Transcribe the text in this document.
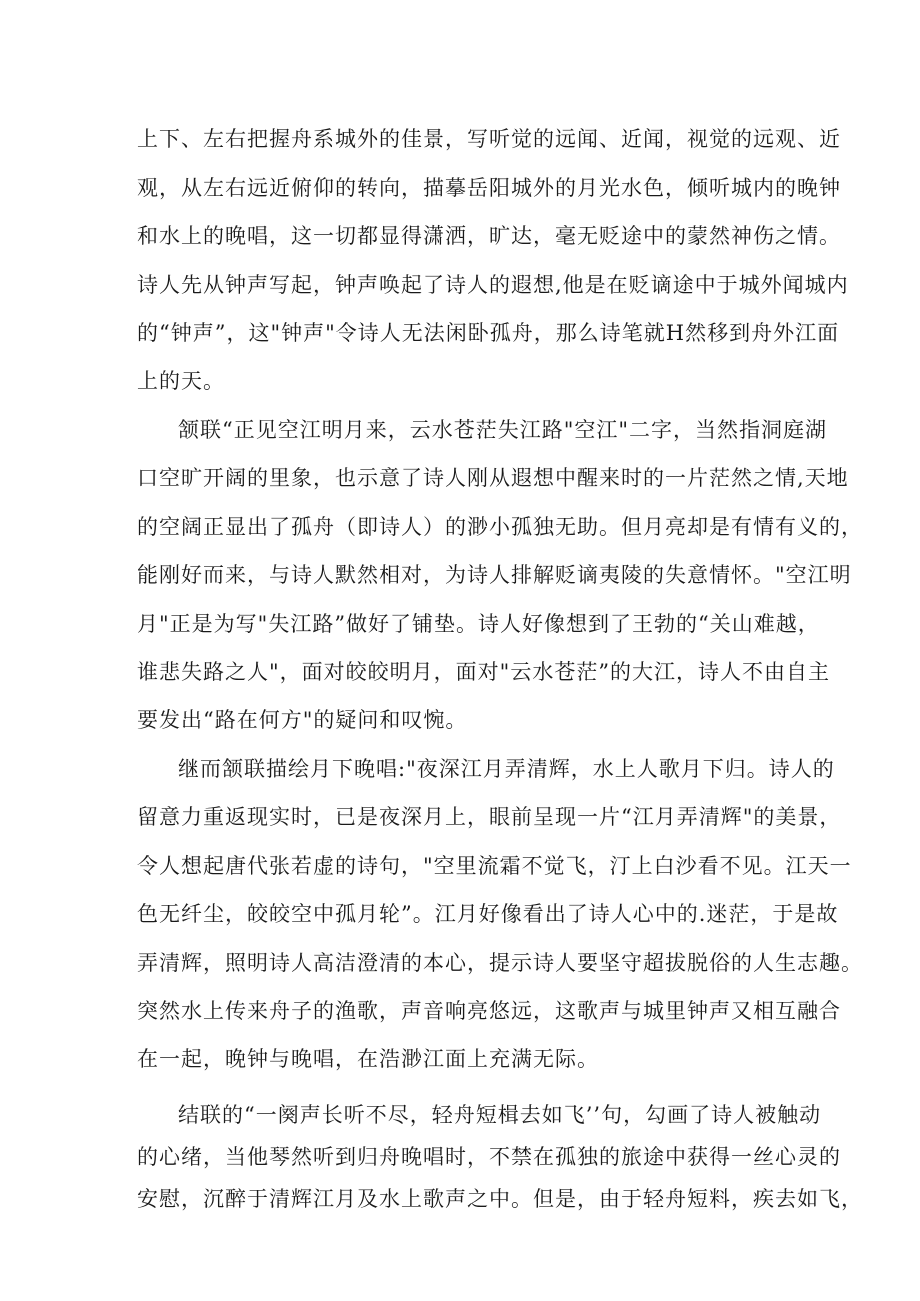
上下、左右把握舟系城外的佳景，写听觉的远闻、近闻，视觉的远观、近
观，从左右远近俯仰的转向，描摹岳阳城外的月光水色，倾听城内的晚钟
和水上的晚唱，这一切都显得潇洒，旷达，毫无贬途中的蒙然神伤之情。
诗人先从钟声写起，钟声唤起了诗人的遐想,他是在贬谪途中于城外闻城内
的“钟声”，这"钟声"令诗人无法闲卧孤舟，那么诗笔就H然移到舟外江面
上的天。
颔联“正见空江明月来，云水苍茫失江路"空江"二字，当然指洞庭湖
口空旷开阔的里象，也示意了诗人刚从遐想中醒来时的一片茫然之情,天地
的空阔正显出了孤舟（即诗人）的渺小孤独无助。但月亮却是有情有义的，
能刚好而来，与诗人默然相对，为诗人排解贬谪夷陵的失意情怀。"空江明
月"正是为写"失江路”做好了铺垫。诗人好像想到了王勃的“关山难越，
谁悲失路之人"，面对皎皎明月，面对"云水苍茫”的大江，诗人不由自主
要发出“路在何方"的疑问和叹惋。
继而颔联描绘月下晚唱:"夜深江月弄清辉，水上人歌月下归。诗人的
留意力重返现实时，已是夜深月上，眼前呈现一片“江月弄清辉"的美景，
令人想起唐代张若虚的诗句，"空里流霜不觉飞，汀上白沙看不见。江天一
色无纤尘，皎皎空中孤月轮”。江月好像看出了诗人心中的.迷茫，于是故
弄清辉，照明诗人高洁澄清的本心，提示诗人要坚守超拔脱俗的人生志趣。
突然水上传来舟子的渔歌，声音响亮悠远，这歌声与城里钟声又相互融合
在一起，晚钟与晚唱，在浩渺江面上充满无际。
结联的“一阕声长听不尽，轻舟短楫去如飞’’句，勾画了诗人被触动
的心绪，当他琴然听到归舟晚唱时，不禁在孤独的旅途中获得一丝心灵的
安慰，沉醉于清辉江月及水上歌声之中。但是，由于轻舟短料，疾去如飞，
